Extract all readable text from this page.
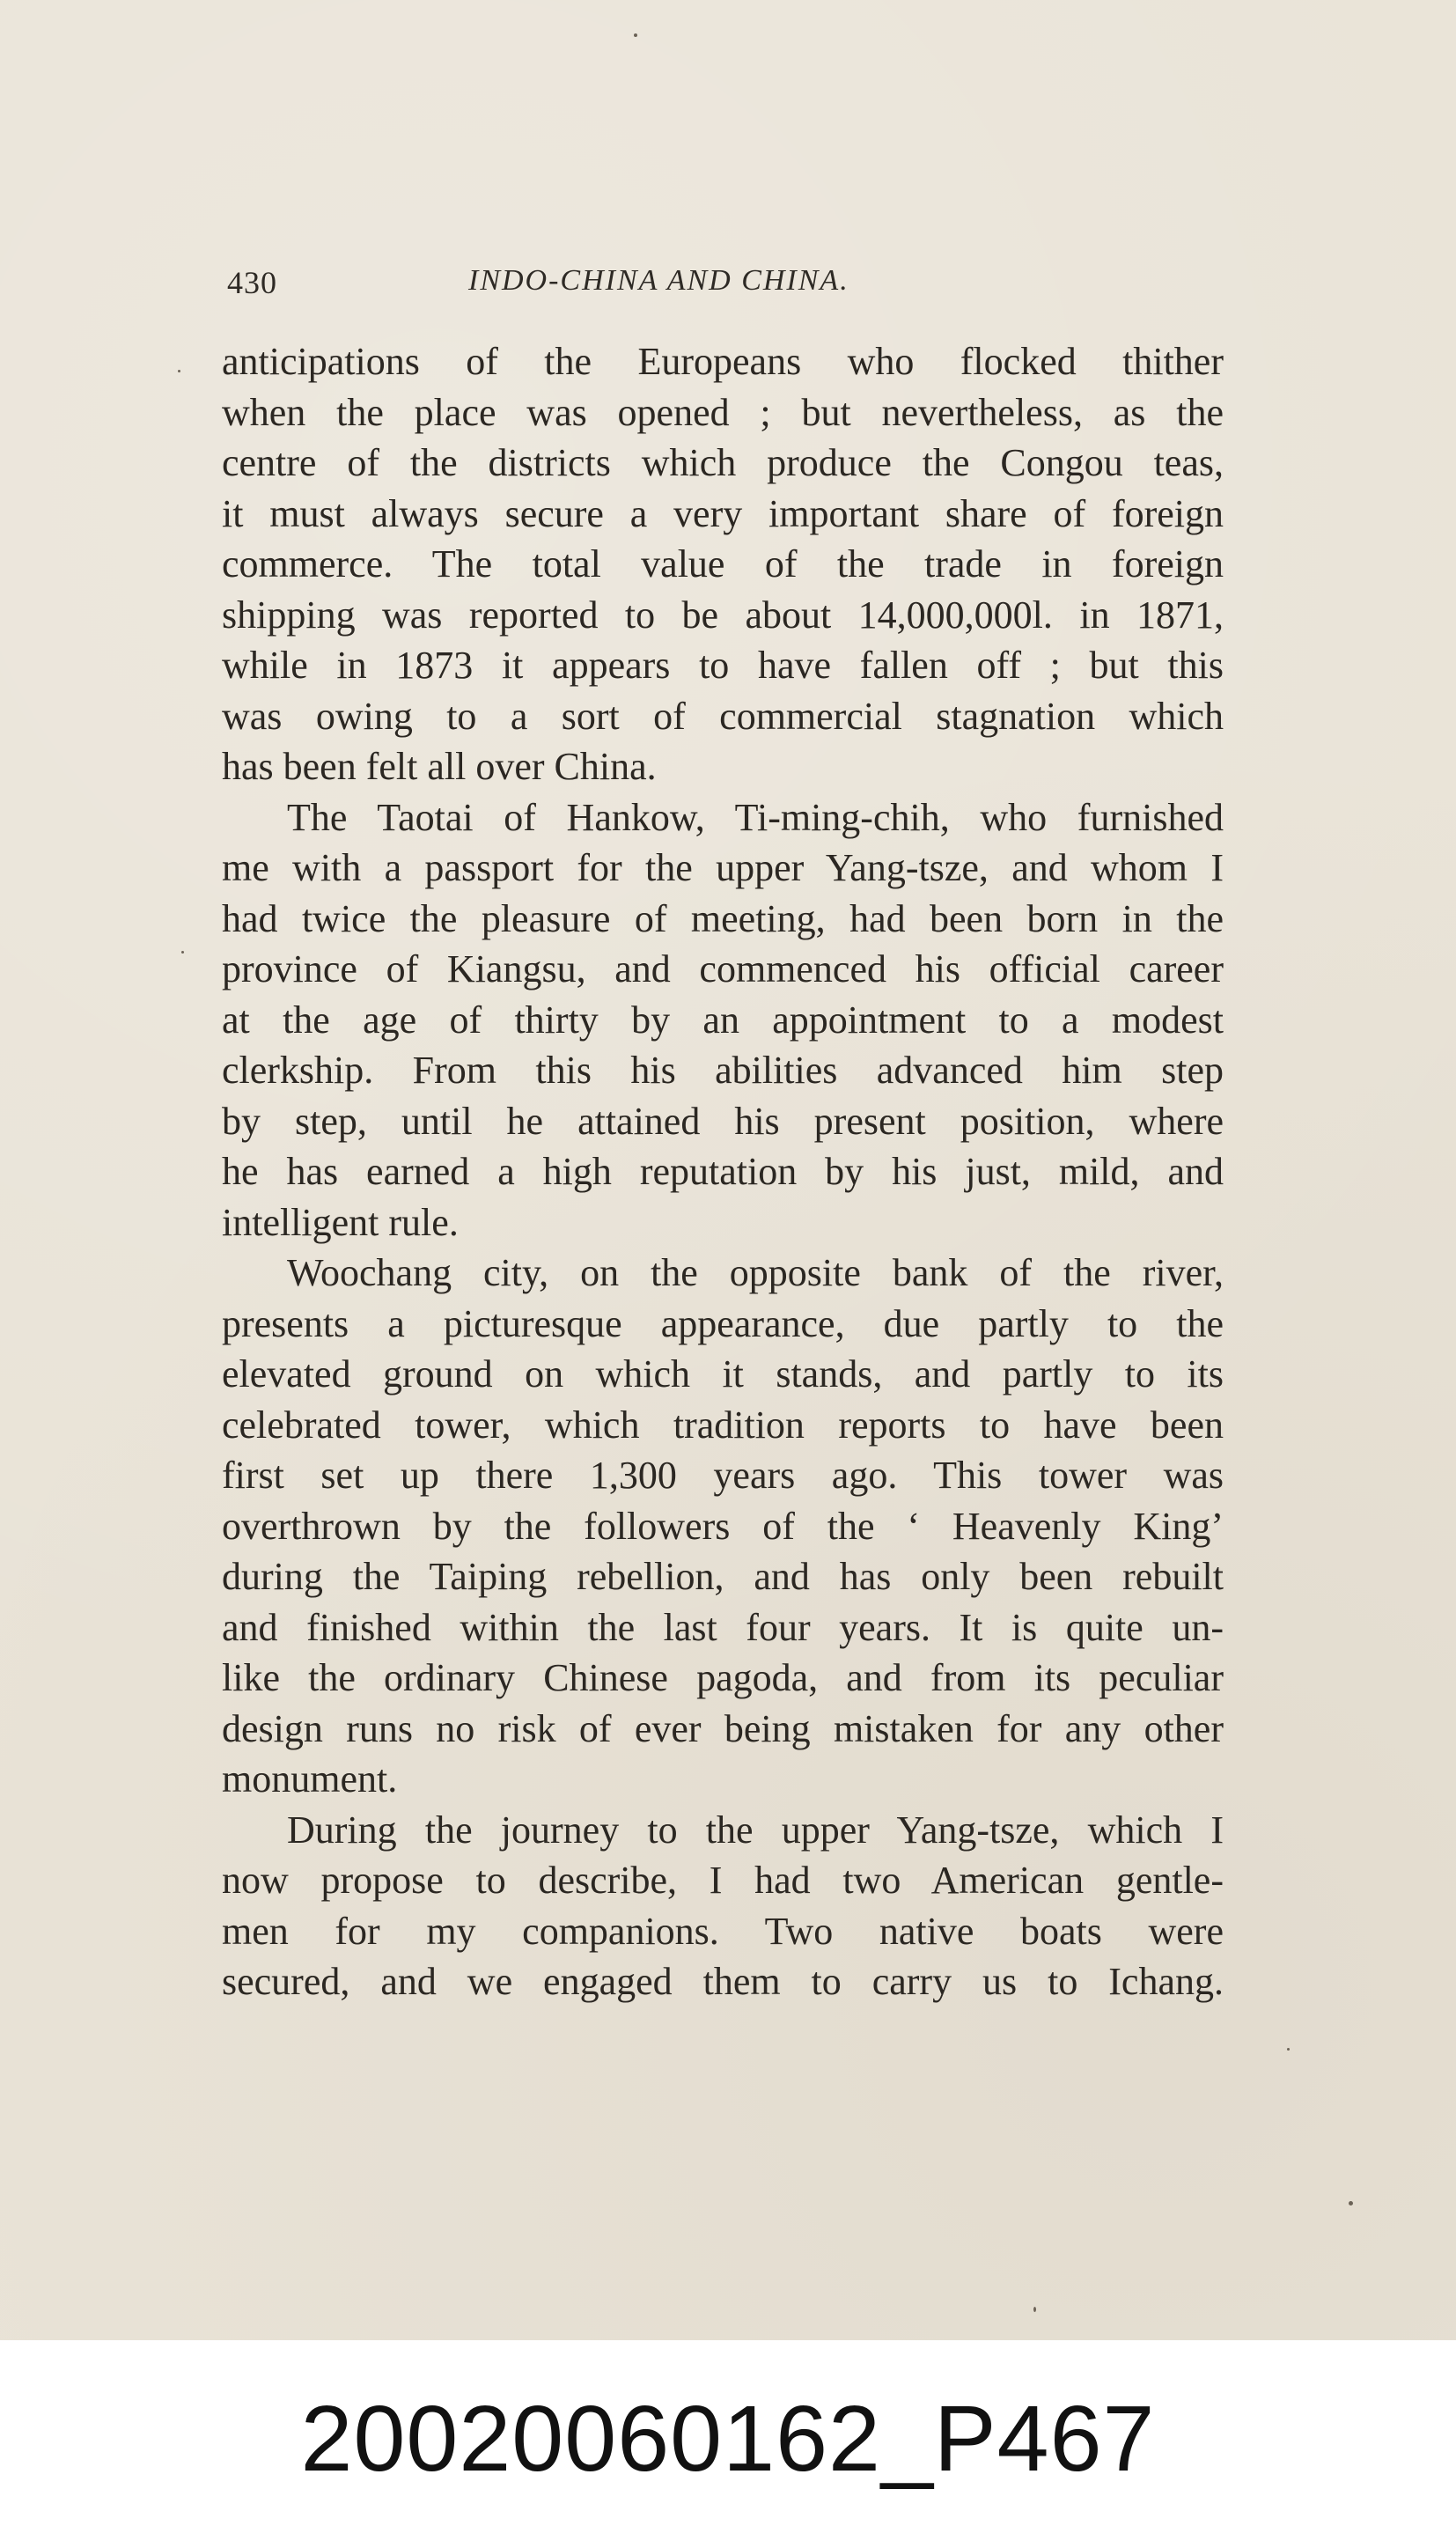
430	INDO-CHINA AND CHINA.
anticipations of the Europeans who flocked thither
when the place was opened ; but nevertheless, as the
centre of the districts which produce the Congou teas,
it must always secure a very important share of foreign
commerce. The total value of the trade in foreign
shipping was reported to be about 14,000,000l. in 1871,
while in 1873 it appears to have fallen off ; but this
was owing to a sort of commercial stagnation which
has been felt all over China.
The Taotai of Hankow, Ti-ming-chih, who furnished
me with a passport for the upper Yang-tsze, and whom I
had twice the pleasure of meeting, had been born in the
province of Kiangsu, and commenced his official career
at the age of thirty by an appointment to a modest
clerkship. From this his abilities advanced him step
by step, until he attained his present position, where
he has earned a high reputation by his just, mild, and
intelligent rule.
Woochang city, on the opposite bank of the river,
presents a picturesque appearance, due partly to the
elevated ground on which it stands, and partly to its
celebrated tower, which tradition reports to have been
first set up there 1,300 years ago. This tower was
overthrown by the followers of the ‘ Heavenly King’
during the Taiping rebellion, and has only been rebuilt
and finished within the last four years. It is quite un-
like the ordinary Chinese pagoda, and from its peculiar
design runs no risk of ever being mistaken for any other
monument.
During the journey to the upper Yang-tsze, which I
now propose to describe, I had two American gentle-
men for my companions. Two native boats were
secured, and we engaged them to carry us to Ichang.
20020060162_P467
